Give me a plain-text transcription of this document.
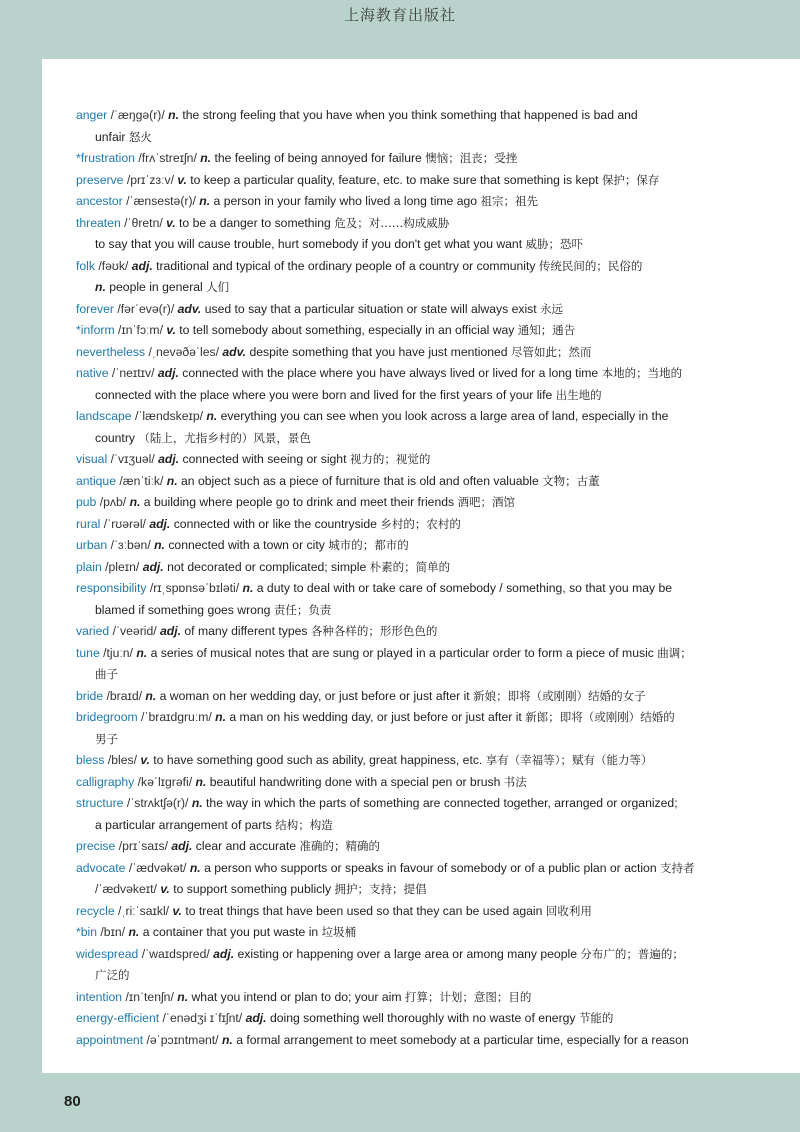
上海教育出版社
anger /ˈæŋɡə(r)/ n. the strong feeling that you have when you think something that happened is bad and
unfair 怒火
*frustration /frʌˈstreɪʃn/ n. the feeling of being annoyed for failure 懊恼；沮丧；受挫
preserve /prɪˈzɜːv/ v. to keep a particular quality, feature, etc. to make sure that something is kept 保护；保存
ancestor /ˈænsestə(r)/ n. a person in your family who lived a long time ago 祖宗；祖先
threaten /ˈθretn/ v. to be a danger to something 危及；对……构成威胁
to say that you will cause trouble, hurt somebody if you don't get what you want 威胁；恐吓
folk /fəʊk/ adj. traditional and typical of the ordinary people of a country or community 传统民间的；民俗的
n. people in general 人们
forever /fərˈevə(r)/ adv. used to say that a particular situation or state will always exist 永远
*inform /ɪnˈfɔːm/ v. to tell somebody about something, especially in an official way 通知；通告
nevertheless /ˌnevəðəˈles/ adv. despite something that you have just mentioned 尽管如此；然而
native /ˈneɪtɪv/ adj. connected with the place where you have always lived or lived for a long time 本地的；当地的
connected with the place where you were born and lived for the first years of your life 出生地的
landscape /ˈlændskeɪp/ n. everything you can see when you look across a large area of land, especially in the
country （陆上，尤指乡村的）风景，景色
visual /ˈvɪʒuəl/ adj. connected with seeing or sight 视力的；视觉的
antique /ænˈtiːk/ n. an object such as a piece of furniture that is old and often valuable 文物；古董
pub /pʌb/ n. a building where people go to drink and meet their friends 酒吧；酒馆
rural /ˈrʊərəl/ adj. connected with or like the countryside 乡村的；农村的
urban /ˈɜːbən/ n. connected with a town or city 城市的；都市的
plain /pleɪn/ adj. not decorated or complicated; simple 朴素的；简单的
responsibility /rɪˌspɒnsəˈbɪləti/ n. a duty to deal with or take care of somebody / something, so that you may be
blamed if something goes wrong 责任；负责
varied /ˈveərid/ adj. of many different types 各种各样的；形形色色的
tune /tjuːn/ n. a series of musical notes that are sung or played in a particular order to form a piece of music 曲调；
曲子
bride /braɪd/ n. a woman on her wedding day, or just before or just after it 新娘；即将（或刚刚）结婚的女子
bridegroom /ˈbraɪdɡruːm/ n. a man on his wedding day, or just before or just after it 新郎；即将（或刚刚）结婚的
男子
bless /bles/ v. to have something good such as ability, great happiness, etc. 享有（幸福等）；赋有（能力等）
calligraphy /kəˈlɪɡrəfi/ n. beautiful handwriting done with a special pen or brush 书法
structure /ˈstrʌktʃə(r)/ n. the way in which the parts of something are connected together, arranged or organized;
a particular arrangement of parts 结构；构造
precise /prɪˈsaɪs/ adj. clear and accurate 准确的；精确的
advocate /ˈædvəkət/ n. a person who supports or speaks in favour of somebody or of a public plan or action 支持者
/ˈædvəkeɪt/ v. to support something publicly 拥护；支持；提倡
recycle /ˌriːˈsaɪkl/ v. to treat things that have been used so that they can be used again 回收利用
*bin /bɪn/ n. a container that you put waste in 垃圾桶
widespread /ˈwaɪdspred/ adj. existing or happening over a large area or among many people 分布广的；普遍的；
广泛的
intention /ɪnˈtenʃn/ n. what you intend or plan to do; your aim 打算；计划；意图；目的
energy-efficient /ˈenədʒi ɪˈfɪʃnt/ adj. doing something well thoroughly with no waste of energy 节能的
appointment /əˈpɔɪntmənt/ n. a formal arrangement to meet somebody at a particular time, especially for a reason
80
